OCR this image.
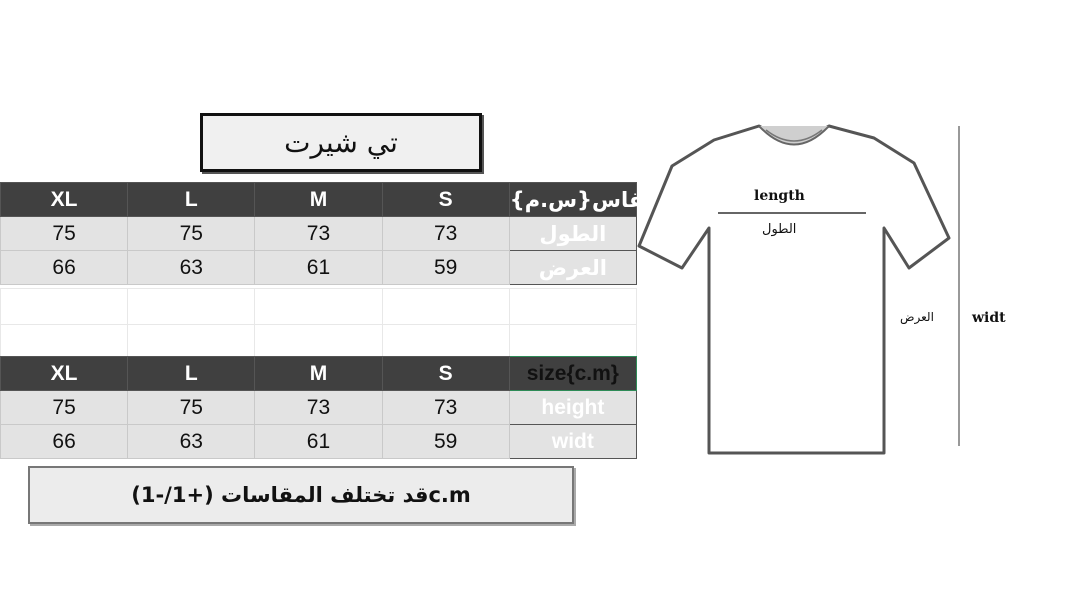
تي شيرت
XL	L	M	S	مقاس{س.م}
75	75	73	73	الطول
66	63	61	59	العرض

XL	L	M	S	size{c.m}
75	75	73	73	height
66	63	61	59	widt
قد تختلف المقاسات (+1/-1)c.m
length
الطول
العرض	widt
